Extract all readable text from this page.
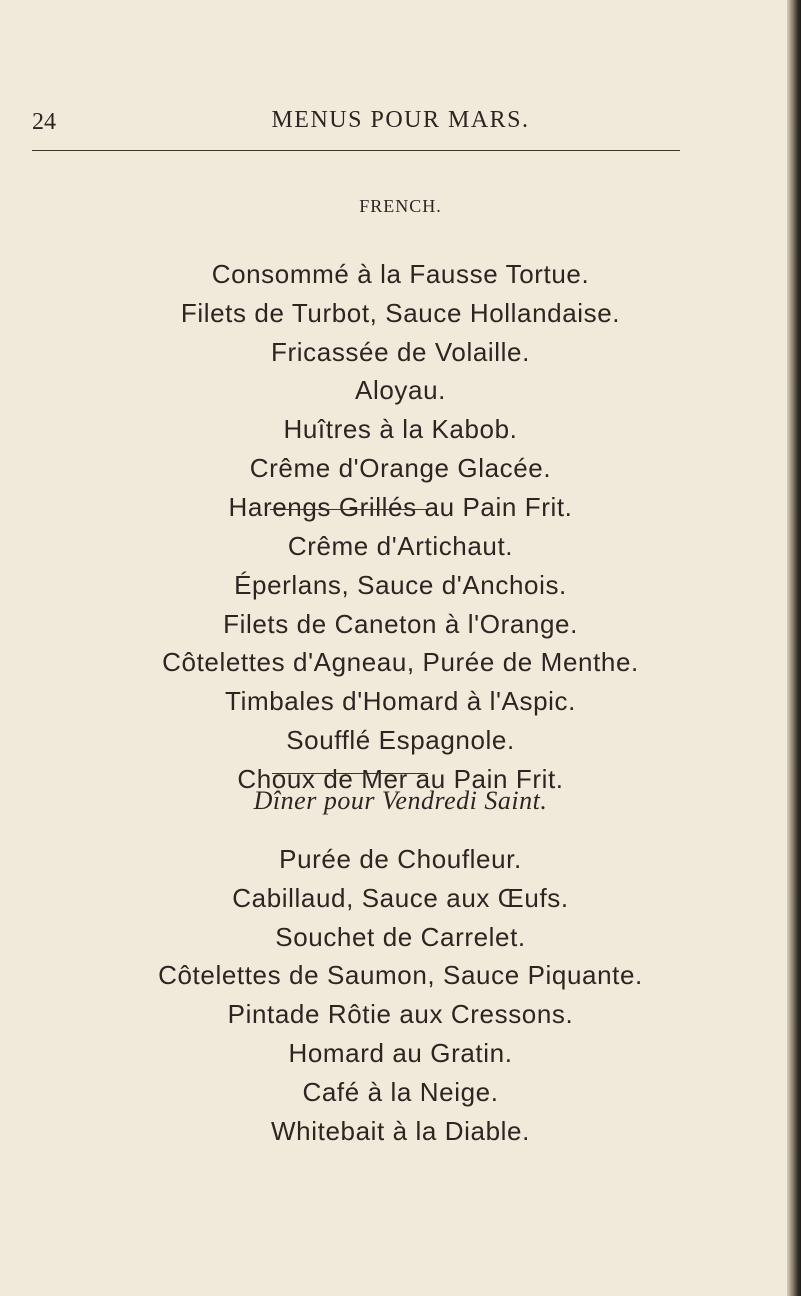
24	MENUS POUR MARS.
FRENCH.
Consommé à la Fausse Tortue.
Filets de Turbot, Sauce Hollandaise.
Fricassée de Volaille.
Aloyau.
Huîtres à la Kabob.
Crême d'Orange Glacée.
Harengs Grillés au Pain Frit.
Crême d'Artichaut.
Éperlans, Sauce d'Anchois.
Filets de Caneton à l'Orange.
Côtelettes d'Agneau, Purée de Menthe.
Timbales d'Homard à l'Aspic.
Soufflé Espagnole.
Choux de Mer au Pain Frit.
Dîner pour Vendredi Saint.
Purée de Choufleur.
Cabillaud, Sauce aux Œufs.
Souchet de Carrelet.
Côtelettes de Saumon, Sauce Piquante.
Pintade Rôtie aux Cressons.
Homard au Gratin.
Café à la Neige.
Whitebait à la Diable.
